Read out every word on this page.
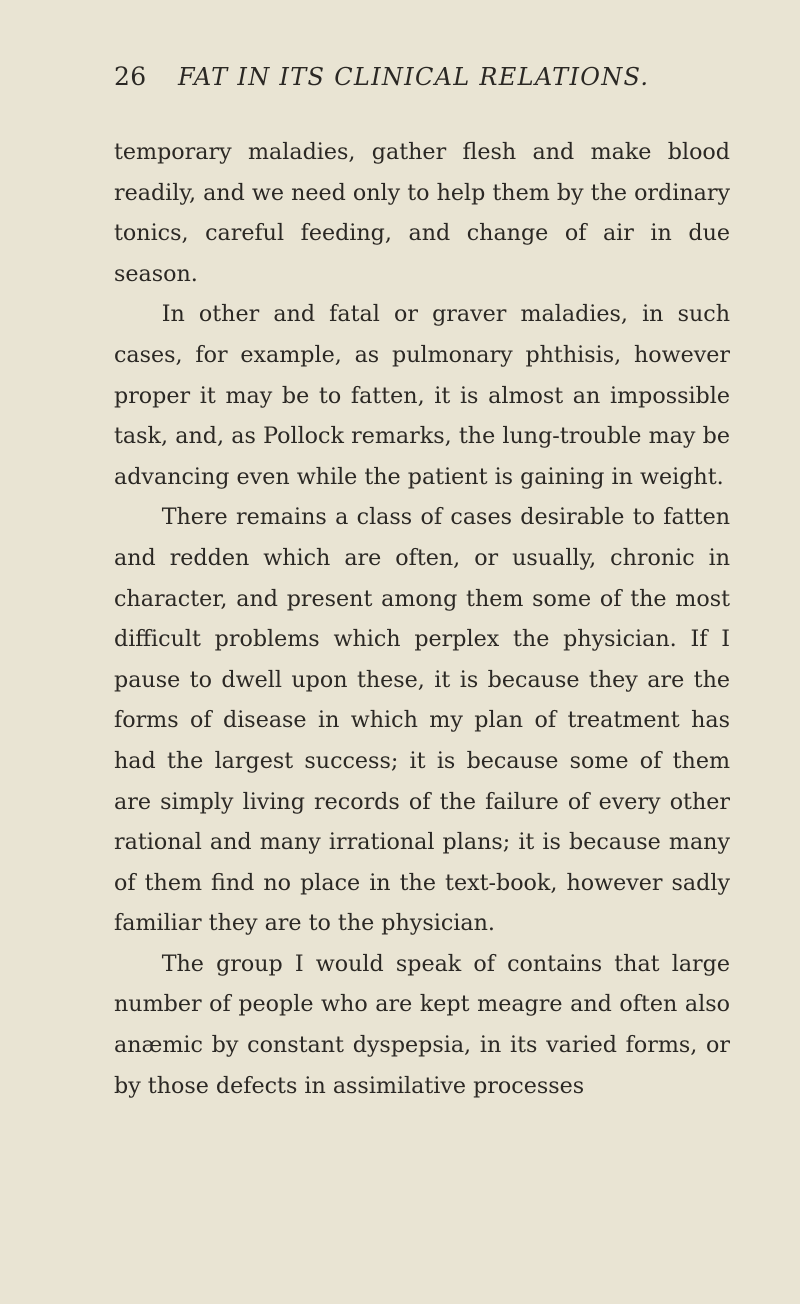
26	FAT IN ITS CLINICAL RELATIONS.

temporary maladies, gather flesh and make blood readily, and we need only to help them by the ordinary tonics, careful feeding, and change of air in due season.

In other and fatal or graver maladies, in such cases, for example, as pulmonary phthisis, however proper it may be to fatten, it is almost an impossible task, and, as Pollock remarks, the lung-trouble may be advancing even while the patient is gaining in weight.

There remains a class of cases desirable to fatten and redden which are often, or usually, chronic in character, and present among them some of the most difficult problems which perplex the physician. If I pause to dwell upon these, it is because they are the forms of disease in which my plan of treatment has had the largest success; it is because some of them are simply living records of the failure of every other rational and many irrational plans; it is because many of them find no place in the text-book, however sadly familiar they are to the physician.

The group I would speak of contains that large number of people who are kept meagre and often also anæmic by constant dyspepsia, in its varied forms, or by those defects in assimilative processes
